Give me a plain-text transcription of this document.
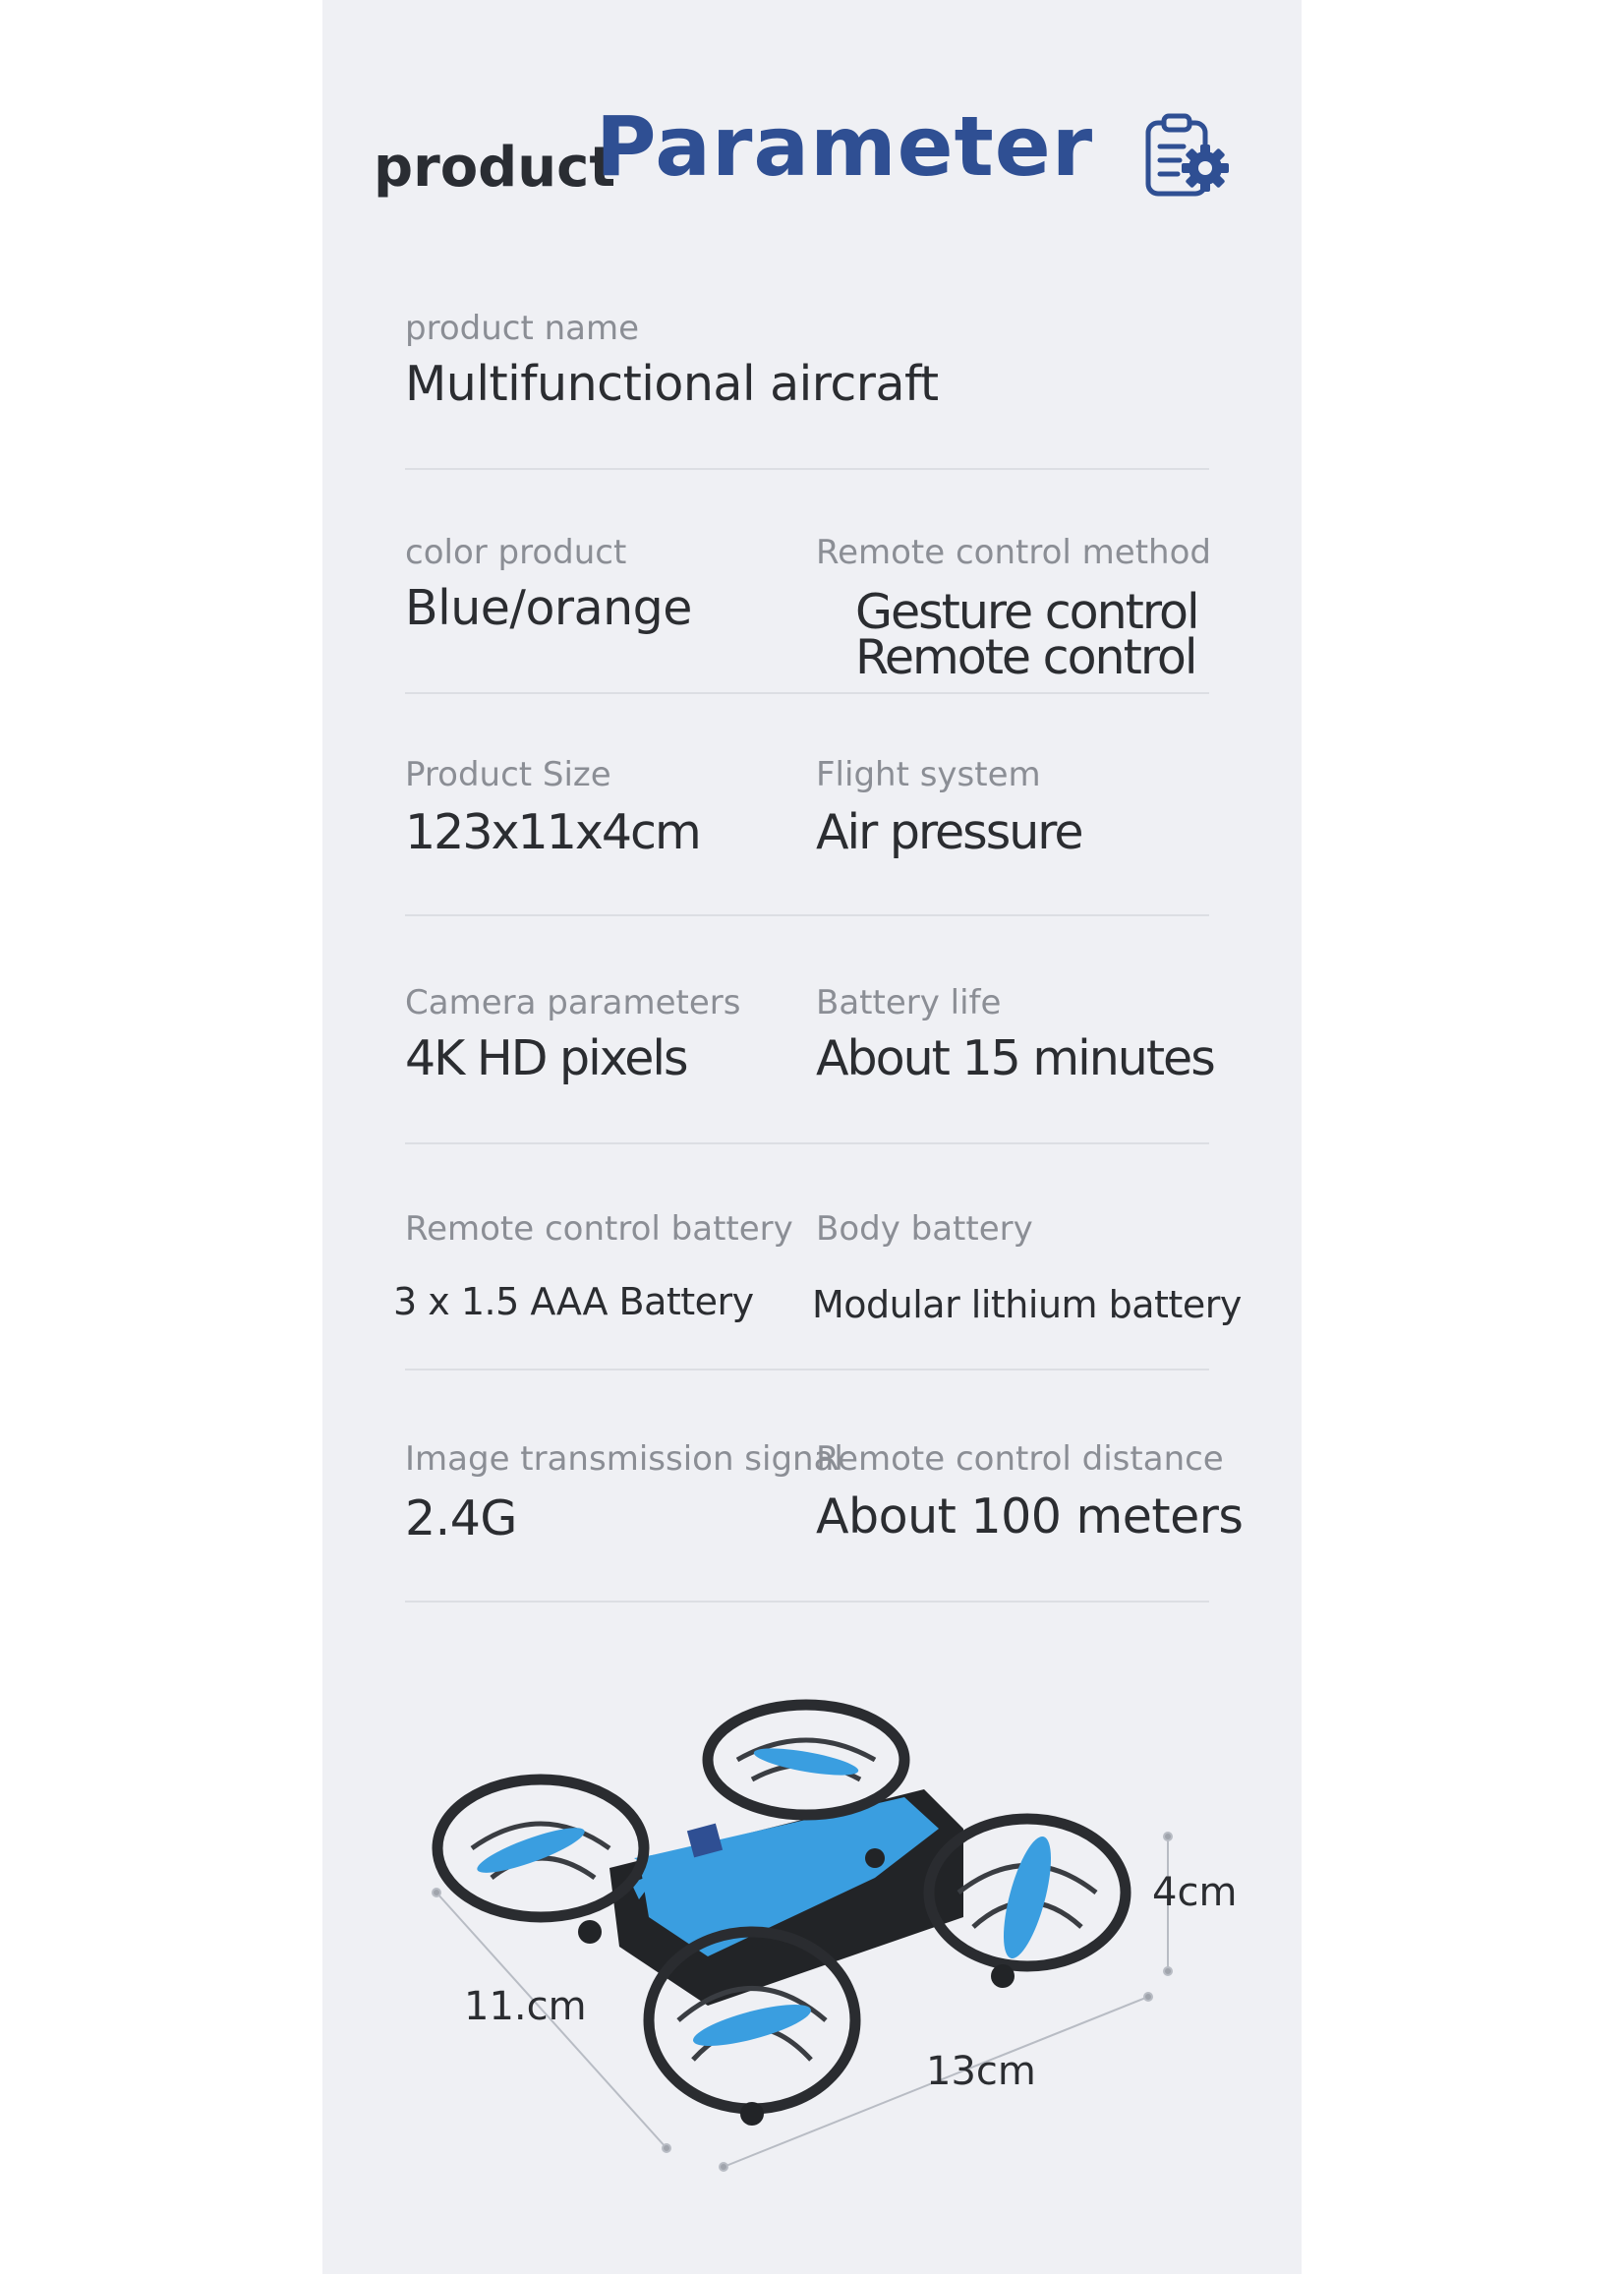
product
Parameter
product name
Multifunctional aircraft
color product
Blue/orange
Remote control method
Gesture control
Remote control
Product Size
123x11x4cm
Flight system
Air pressure
Camera parameters
4K HD pixels
Battery life
About 15 minutes
Remote control battery
3 x 1.5 AAA Battery
Body battery
Modular lithium battery
Image transmission signal
2.4G
Remote control distance
About 100 meters
4cm
11.cm
13cm
